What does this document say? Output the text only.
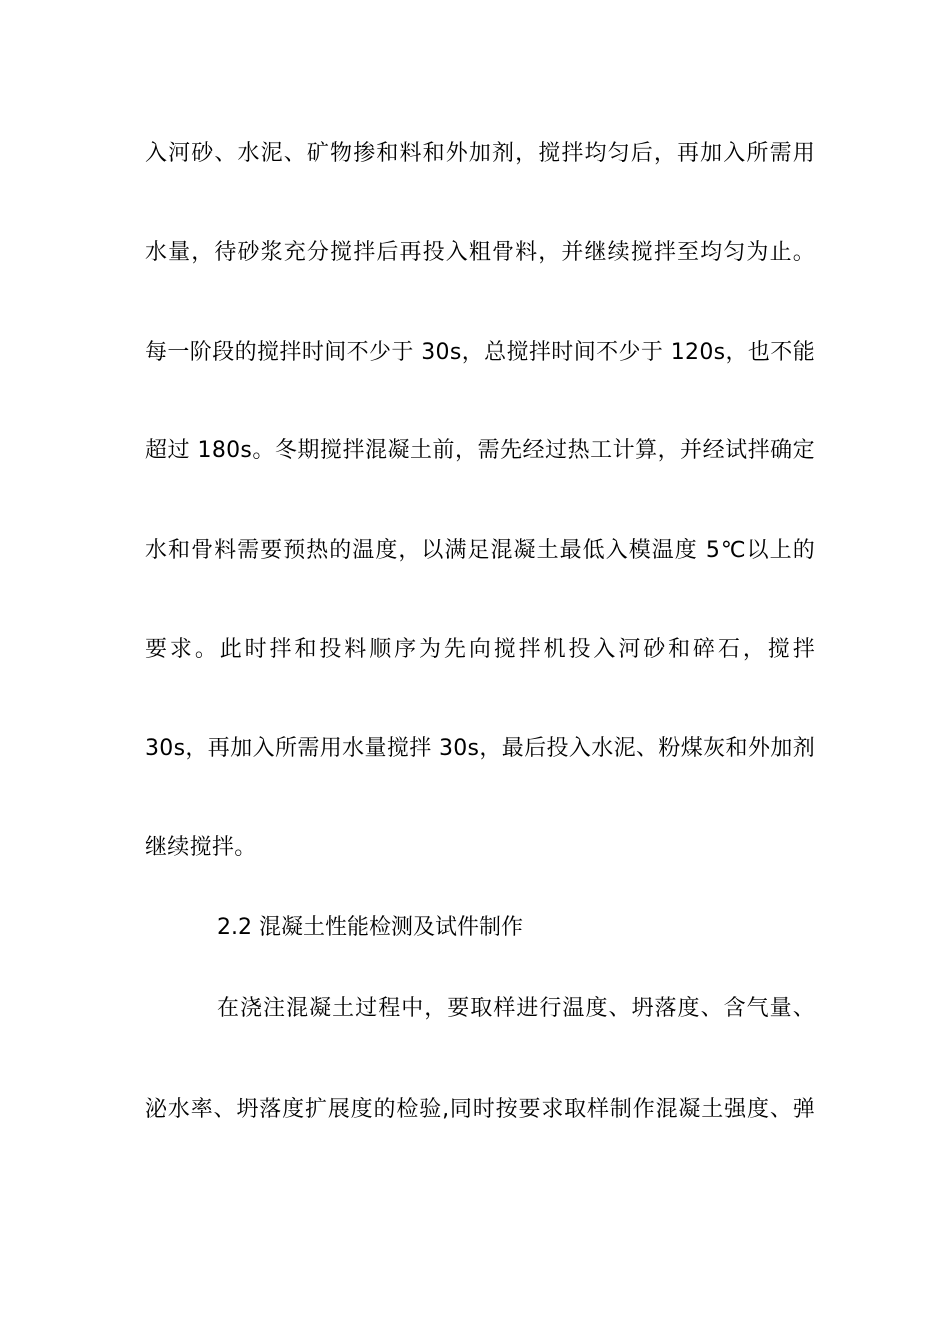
入河砂、水泥、矿物掺和料和外加剂，搅拌均匀后，再加入所需用
水量，待砂浆充分搅拌后再投入粗骨料，并继续搅拌至均匀为止。
每一阶段的搅拌时间不少于 30s，总搅拌时间不少于 120s，也不能
超过 180s。冬期搅拌混凝土前，需先经过热工计算，并经试拌确定
水和骨料需要预热的温度，以满足混凝土最低入模温度 5℃以上的
要求。此时拌和投料顺序为先向搅拌机投入河砂和碎石，搅拌
30s，再加入所需用水量搅拌 30s，最后投入水泥、粉煤灰和外加剂
继续搅拌。
2.2 混凝土性能检测及试件制作
在浇注混凝土过程中，要取样进行温度、坍落度、含气量、
泌水率、坍落度扩展度的检验,同时按要求取样制作混凝土强度、弹
